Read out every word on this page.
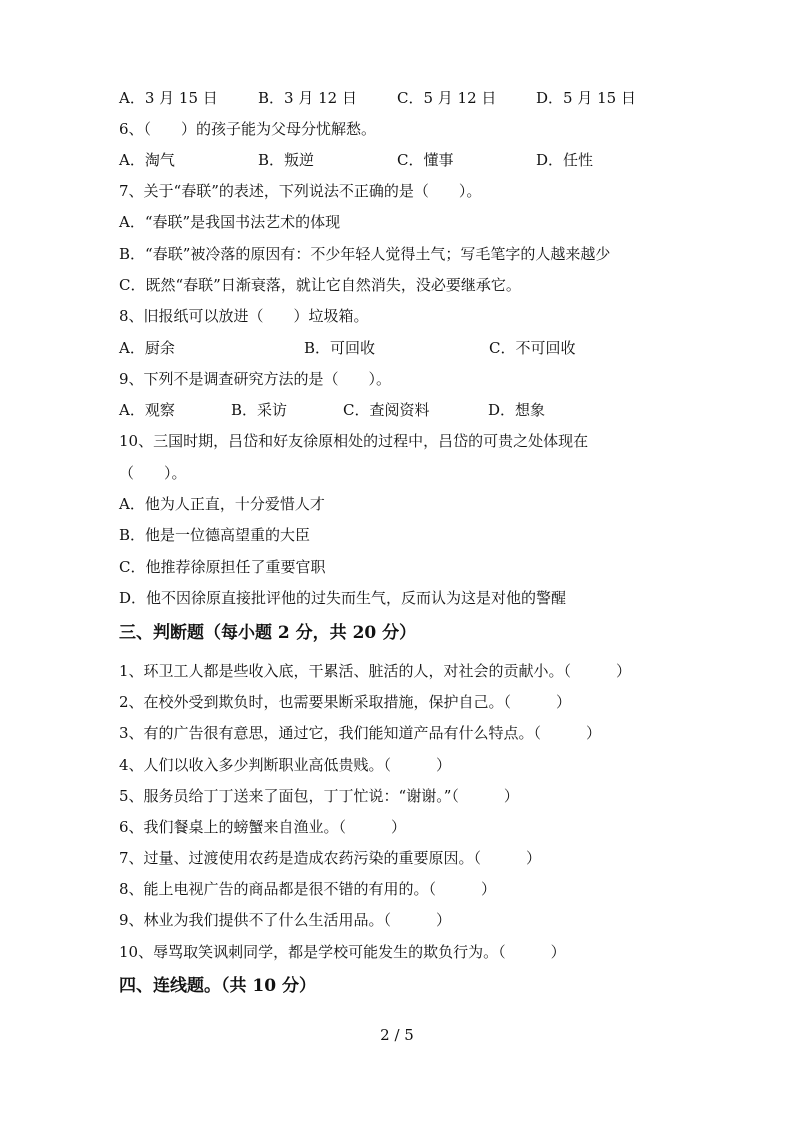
A．3 月 15 日	B．3 月 12 日	C．5 月 12 日	D．5 月 15 日
6、（　　）的孩子能为父母分忧解愁。
A．淘气	B．叛逆	C．懂事	D．任性
7、关于“春联”的表述，下列说法不正确的是（　　）。
A．“春联”是我国书法艺术的体现
B．“春联”被冷落的原因有：不少年轻人觉得土气；写毛笔字的人越来越少
C．既然“春联”日渐衰落，就让它自然消失，没必要继承它。
8、旧报纸可以放进（　　）垃圾箱。
A．厨余	B．可回收	C．不可回收
9、下列不是调查研究方法的是（　　）。
A．观察	B．采访	C．查阅资料	D．想象
10、三国时期，吕岱和好友徐原相处的过程中，吕岱的可贵之处体现在
（　　）。
A．他为人正直，十分爱惜人才
B．他是一位德高望重的大臣
C．他推荐徐原担任了重要官职
D．他不因徐原直接批评他的过失而生气，反而认为这是对他的警醒
三、判断题（每小题 2 分，共 20 分）
1、环卫工人都是些收入底，干累活、脏活的人，对社会的贡献小。（　　　）
2、在校外受到欺负时，也需要果断采取措施，保护自己。（　　　）
3、有的广告很有意思，通过它，我们能知道产品有什么特点。（　　　）
4、人们以收入多少判断职业高低贵贱。（　　　）
5、服务员给丁丁送来了面包，丁丁忙说：“谢谢。”（　　　）
6、我们餐桌上的螃蟹来自渔业。（　　　）
7、过量、过渡使用农药是造成农药污染的重要原因。（　　　）
8、能上电视广告的商品都是很不错的有用的。（　　　）
9、林业为我们提供不了什么生活用品。（　　　）
10、辱骂取笑讽刺同学，都是学校可能发生的欺负行为。（　　　）
四、连线题。（共 10 分）
2 / 5
